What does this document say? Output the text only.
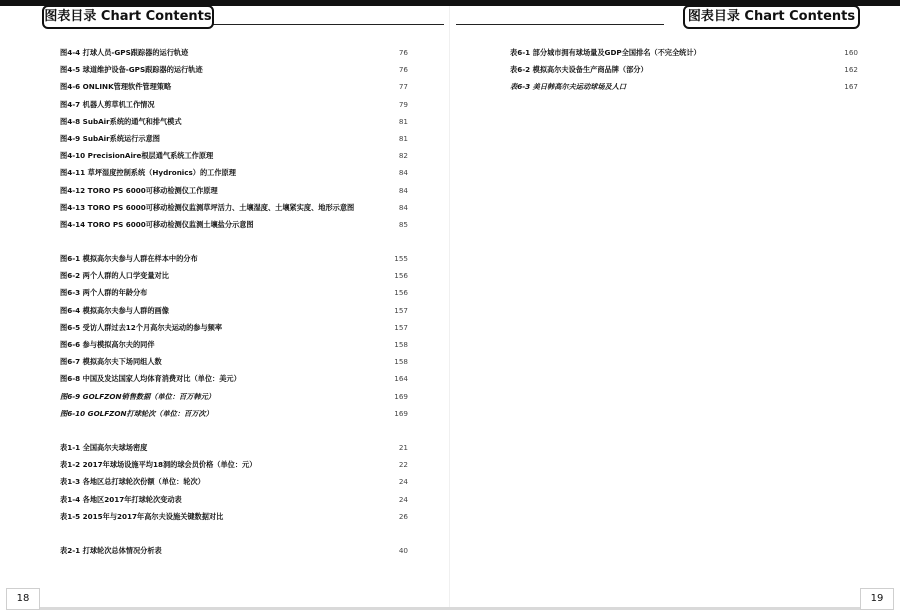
图表目录 Chart Contents
图4-4 打球人员-GPS跟踪器的运行轨迹	76
图4-5 球道维护设备-GPS跟踪器的运行轨迹	76
图4-6 ONLINK管理软件管理策略	77
图4-7 机器人剪草机工作情况	79
图4-8 SubAir系统的通气和排气模式	81
图4-9 SubAir系统运行示意图	81
图4-10 PrecisionAire根层通气系统工作原理	82
图4-11 草坪湿度控制系统（Hydronics）的工作原理	84
图4-12 TORO PS 6000可移动检测仪工作原理	84
图4-13 TORO PS 6000可移动检测仪监测草坪活力、土壤湿度、土壤紧实度、地形示意图	84
图4-14 TORO PS 6000可移动检测仪监测土壤盐分示意图	85
图6-1 模拟高尔夫参与人群在样本中的分布	155
图6-2 两个人群的人口学变量对比	156
图6-3 两个人群的年龄分布	156
图6-4 模拟高尔夫参与人群的画像	157
图6-5 受访人群过去12个月高尔夫运动的参与频率	157
图6-6 参与模拟高尔夫的同伴	158
图6-7 模拟高尔夫下场同组人数	158
图6-8 中国及发达国家人均体育消费对比（单位：美元）	164
图6-9 GOLFZON销售数据（单位：百万韩元）	169
图6-10 GOLFZON打球轮次（单位：百万次）	169
表1-1 全国高尔夫球场密度	21
表1-2 2017年球场设施平均18洞的球会员价格（单位：元）	22
表1-3 各地区总打球轮次份额（单位：轮次）	24
表1-4 各地区2017年打球轮次变动表	24
表1-5 2015年与2017年高尔夫设施关键数据对比	26
表2-1 打球轮次总体情况分析表	40
18
图表目录 Chart Contents
表6-1 部分城市拥有球场量及GDP全国排名（不完全统计）	160
表6-2 模拟高尔夫设备生产商品牌（部分）	162
表6-3 美日韩高尔夫运动球场及人口	167
19
